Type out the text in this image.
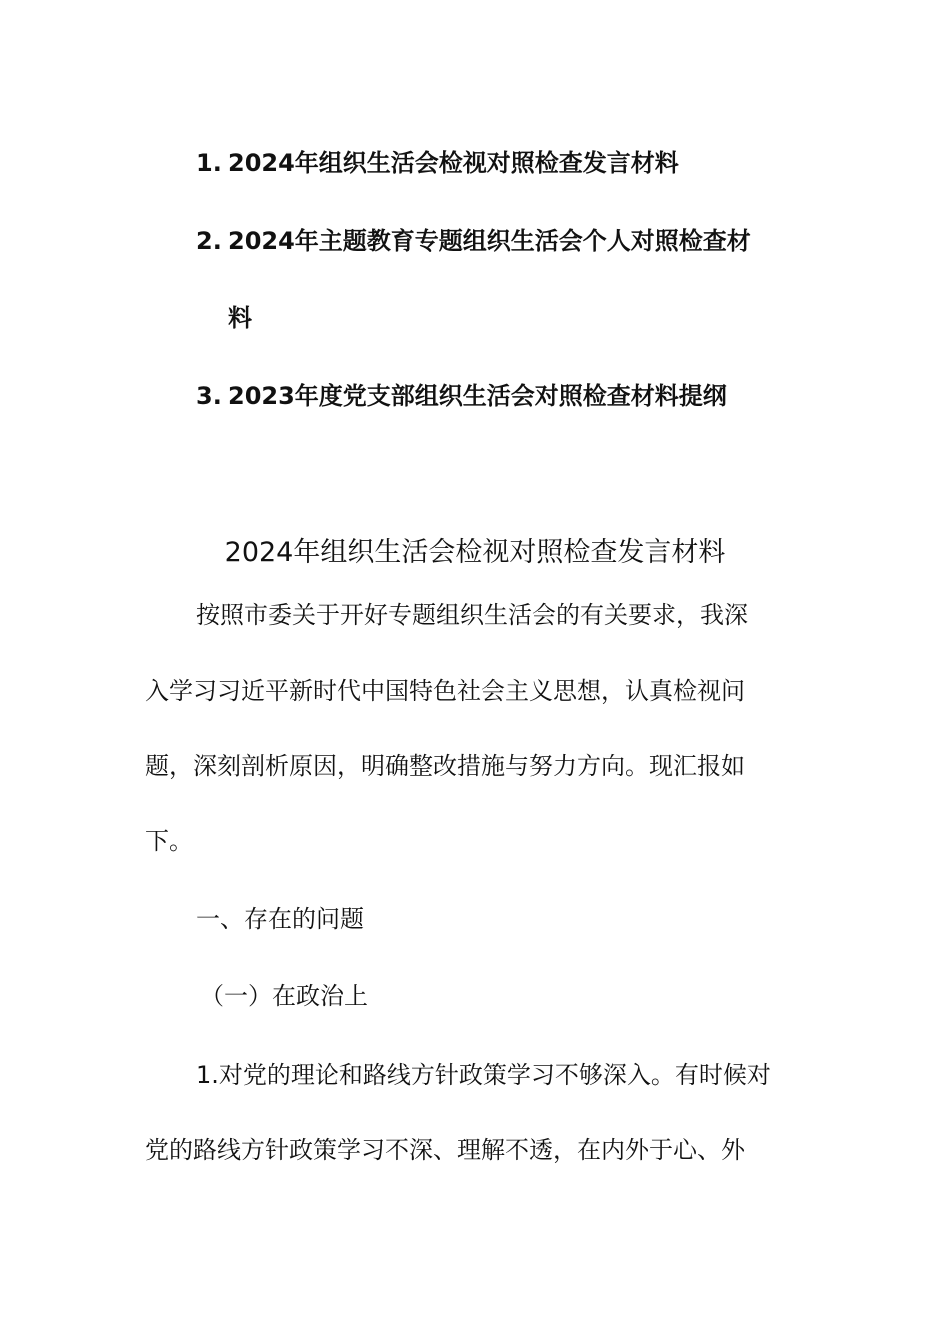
1. 2024年组织生活会检视对照检查发言材料
2. 2024年主题教育专题组织生活会个人对照检查材
料
3. 2023年度党支部组织生活会对照检查材料提纲
2024年组织生活会检视对照检查发言材料
按照市委关于开好专题组织生活会的有关要求，我深
入学习习近平新时代中国特色社会主义思想，认真检视问
题，深刻剖析原因，明确整改措施与努力方向。现汇报如
下。
一、存在的问题
（一）在政治上
1.对党的理论和路线方针政策学习不够深入。有时候对
党的路线方针政策学习不深、理解不透，在内外于心、外
